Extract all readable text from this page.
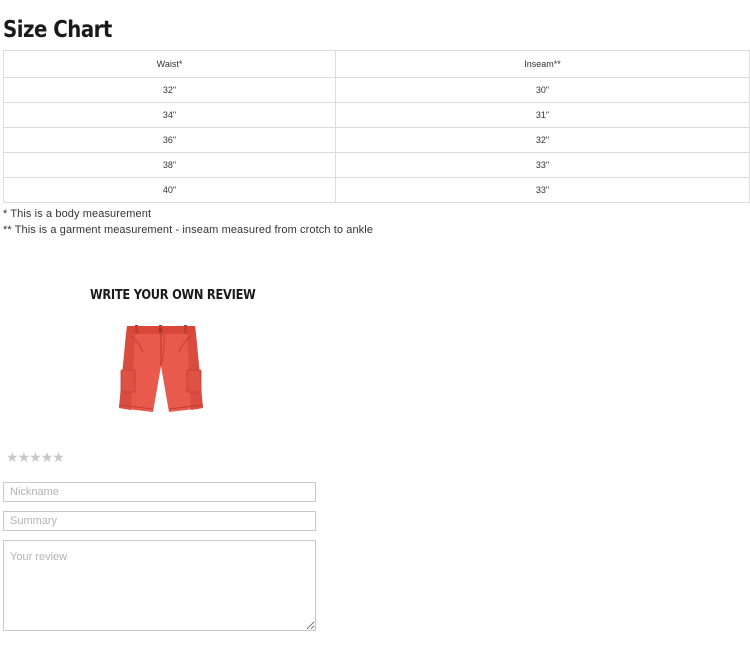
Size Chart
Waist*	Inseam**
32"	30"
34"	31"
36"	32"
38"	33"
40"	33"

* This is a body measurement

** This is a garment measurement - inseam measured from crotch to ankle

WRITE YOUR OWN REVIEW
★★★★★
Nickname
Summary
Your review
